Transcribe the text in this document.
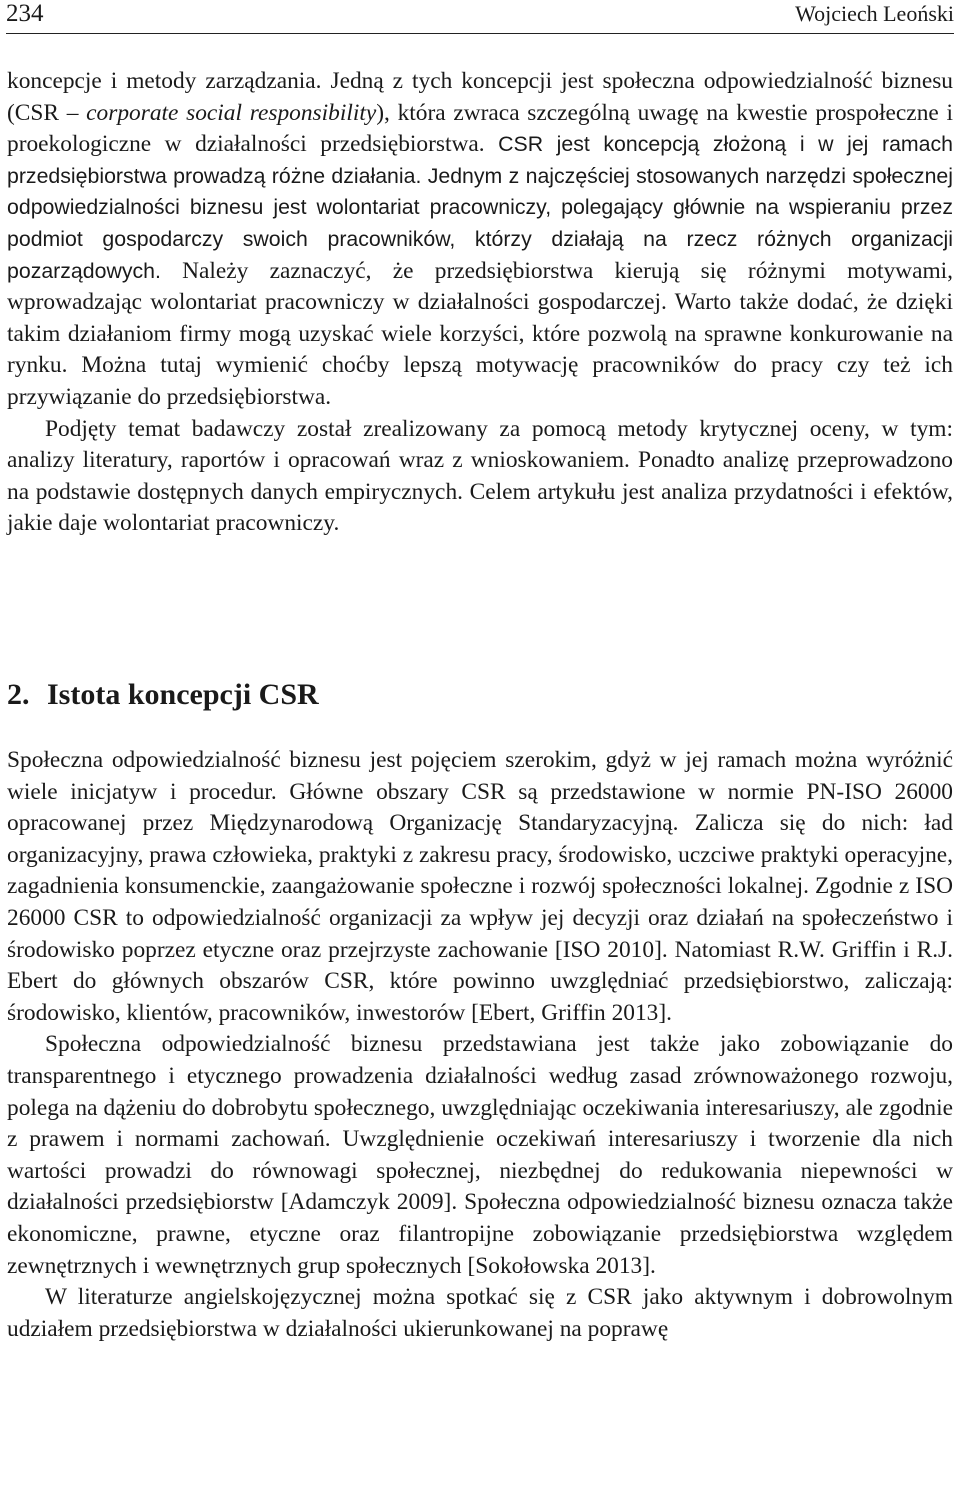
234	Wojciech Leoński

koncepcje i metody zarządzania. Jedną z tych koncepcji jest społeczna odpowiedzialność biznesu (CSR – corporate social responsibility), która zwraca szczególną uwagę na kwestie prospołeczne i proekologiczne w działalności przedsiębiorstwa. CSR jest koncepcją złożoną i w jej ramach przedsiębiorstwa prowadzą różne działania. Jednym z najczęściej stosowanych narzędzi społecznej odpowiedzialności biznesu jest wolontariat pracowniczy, polegający głównie na wspieraniu przez podmiot gospodarczy swoich pracowników, którzy działają na rzecz różnych organizacji pozarządowych. Należy zaznaczyć, że przedsiębiorstwa kierują się różnymi motywami, wprowadzając wolontariat pracowniczy w działalności gospodarczej. Warto także dodać, że dzięki takim działaniom firmy mogą uzyskać wiele korzyści, które pozwolą na sprawne konkurowanie na rynku. Można tutaj wymienić choćby lepszą motywację pracowników do pracy czy też ich przywiązanie do przedsiębiorstwa.

Podjęty temat badawczy został zrealizowany za pomocą metody krytycznej oceny, w tym: analizy literatury, raportów i opracowań wraz z wnioskowaniem. Ponadto analizę przeprowadzono na podstawie dostępnych danych empirycznych. Celem artykułu jest analiza przydatności i efektów, jakie daje wolontariat pracowniczy.

2. Istota koncepcji CSR

Społeczna odpowiedzialność biznesu jest pojęciem szerokim, gdyż w jej ramach można wyróżnić wiele inicjatyw i procedur. Główne obszary CSR są przedstawione w normie PN-ISO 26000 opracowanej przez Międzynarodową Organizację Standaryzacyjną. Zalicza się do nich: ład organizacyjny, prawa człowieka, praktyki z zakresu pracy, środowisko, uczciwe praktyki operacyjne, zagadnienia konsumenckie, zaangażowanie społeczne i rozwój społeczności lokalnej. Zgodnie z ISO 26000 CSR to odpowiedzialność organizacji za wpływ jej decyzji oraz działań na społeczeństwo i środowisko poprzez etyczne oraz przejrzyste zachowanie [ISO 2010]. Natomiast R.W. Griffin i R.J. Ebert do głównych obszarów CSR, które powinno uwzględniać przedsiębiorstwo, zaliczają: środowisko, klientów, pracowników, inwestorów [Ebert, Griffin 2013].

Społeczna odpowiedzialność biznesu przedstawiana jest także jako zobowiązanie do transparentnego i etycznego prowadzenia działalności według zasad zrównoważonego rozwoju, polega na dążeniu do dobrobytu społecznego, uwzględniając oczekiwania interesariuszy, ale zgodnie z prawem i normami zachowań. Uwzględnienie oczekiwań interesariuszy i tworzenie dla nich wartości prowadzi do równowagi społecznej, niezbędnej do redukowania niepewności w działalności przedsiębiorstw [Adamczyk 2009]. Społeczna odpowiedzialność biznesu oznacza także ekonomiczne, prawne, etyczne oraz filantropijne zobowiązanie przedsiębiorstwa względem zewnętrznych i wewnętrznych grup społecznych [Sokołowska 2013].

W literaturze angielskojęzycznej można spotkać się z CSR jako aktywnym i dobrowolnym udziałem przedsiębiorstwa w działalności ukierunkowanej na poprawę
